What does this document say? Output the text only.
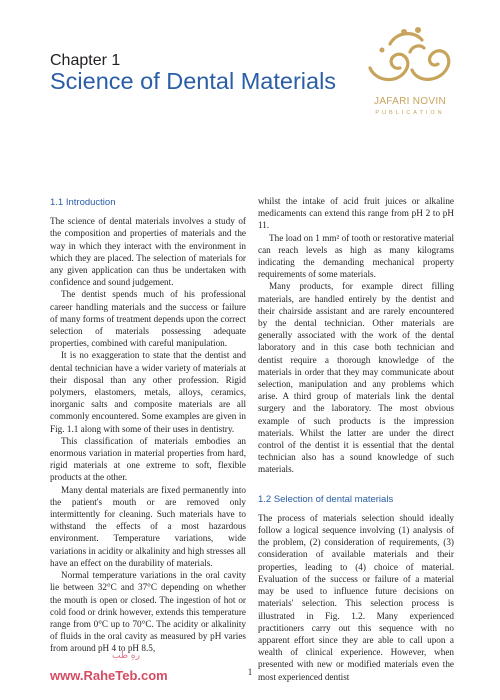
Chapter 1
Science of Dental Materials
JAFARI NOVIN
PUBLICATION
1.1 Introduction

The science of dental materials involves a study of the composition and properties of materials and the way in which they interact with the environment in which they are placed. The selection of materials for any given application can thus be undertaken with confidence and sound judgement.

The dentist spends much of his professional career handling materials and the success or failure of many forms of treatment depends upon the correct selection of materials possessing adequate properties, combined with careful manipulation.

It is no exaggeration to state that the dentist and dental technician have a wider variety of materials at their disposal than any other profession. Rigid polymers, elastomers, metals, alloys, ceramics, inorganic salts and composite materials are all commonly encountered. Some examples are given in Fig. 1.1 along with some of their uses in dentistry.

This classification of materials embodies an enormous variation in material properties from hard, rigid materials at one extreme to soft, flexible products at the other.

Many dental materials are fixed permanently into the patient's mouth or are removed only intermittently for cleaning. Such materials have to withstand the effects of a most hazardous environment. Temperature variations, wide variations in acidity or alkalinity and high stresses all have an effect on the durability of materials.

Normal temperature variations in the oral cavity lie between 32°C and 37°C depending on whether the mouth is open or closed. The ingestion of hot or cold food or drink however, extends this temperature range from 0°C up to 70°C. The acidity or alkalinity of fluids in the oral cavity as measured by pH varies from around pH 4 to pH 8.5,

whilst the intake of acid fruit juices or alkaline medicaments can extend this range from pH 2 to pH 11.

The load on 1 mm² of tooth or restorative material can reach levels as high as many kilograms indicating the demanding mechanical property requirements of some materials.

Many products, for example direct filling materials, are handled entirely by the dentist and their chairside assistant and are rarely encountered by the dental technician. Other materials are generally associated with the work of the dental laboratory and in this case both technician and dentist require a thorough knowledge of the materials in order that they may communicate about selection, manipulation and any problems which arise. A third group of materials link the dental surgery and the laboratory. The most obvious example of such products is the impression materials. Whilst the latter are under the direct control of the dentist it is essential that the dental technician also has a sound knowledge of such materials.

1.2 Selection of dental materials

The process of materials selection should ideally follow a logical sequence involving (1) analysis of the problem, (2) consideration of requirements, (3) consideration of available materials and their properties, leading to (4) choice of material. Evaluation of the success or failure of a material may be used to influence future decisions on materials' selection. This selection process is illustrated in Fig. 1.2. Many experienced practitioners carry out this sequence with no apparent effort since they are able to call upon a wealth of clinical experience. However, when presented with new or modified materials even the most experienced dentist

1
رهِ طب
www.RaheTeb.com
